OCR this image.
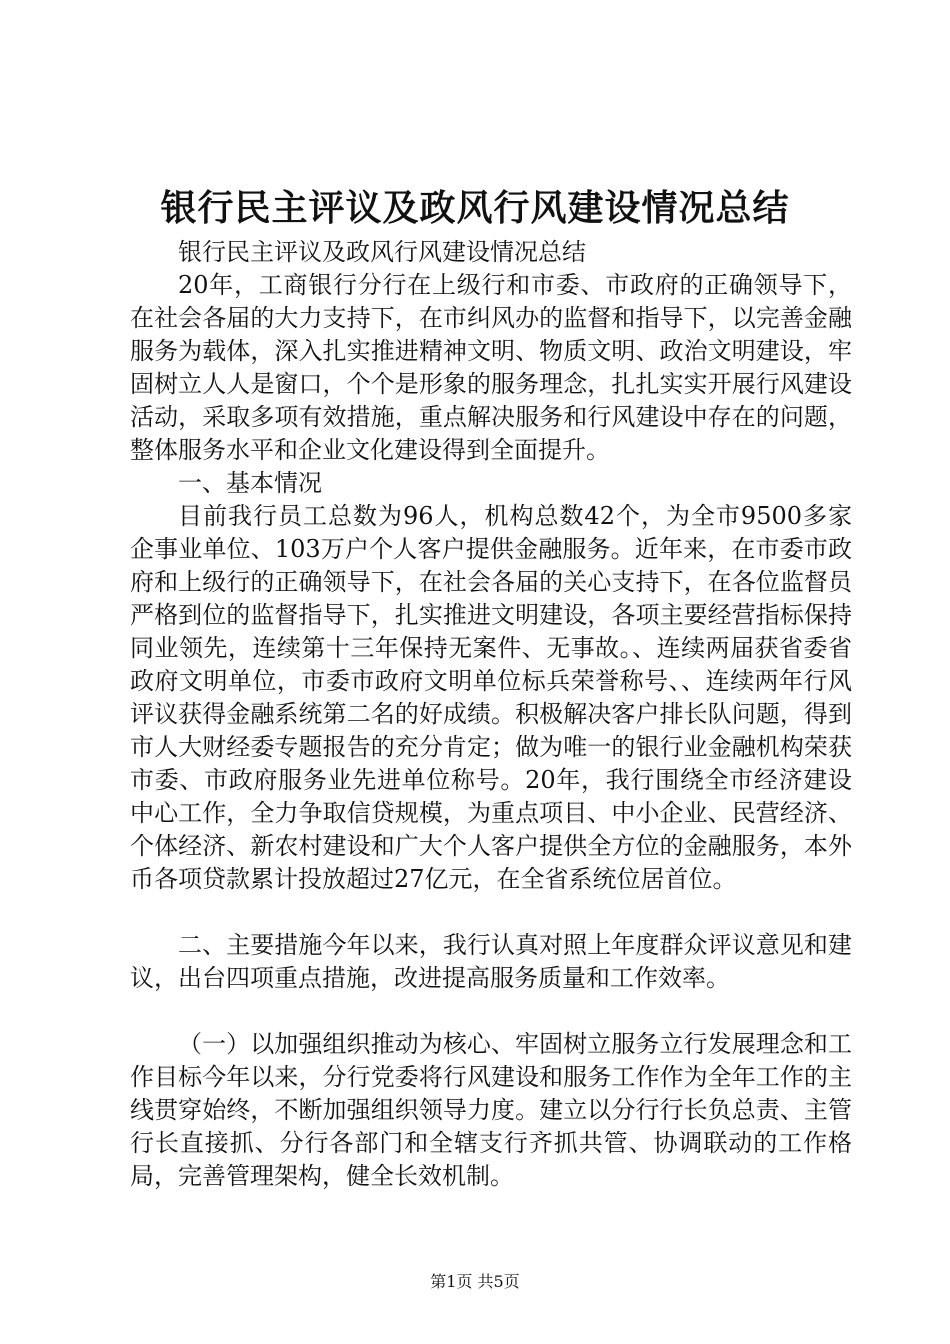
银行民主评议及政风行风建设情况总结

银行民主评议及政风行风建设情况总结

20年，工商银行分行在上级行和市委、市政府的正确领导下，在社会各届的大力支持下，在市纠风办的监督和指导下，以完善金融服务为载体，深入扎实推进精神文明、物质文明、政治文明建设，牢固树立人人是窗口，个个是形象的服务理念，扎扎实实开展行风建设活动，采取多项有效措施，重点解决服务和行风建设中存在的问题，整体服务水平和企业文化建设得到全面提升。

一、基本情况

目前我行员工总数为96人，机构总数42个，为全市9500多家企事业单位、103万户个人客户提供金融服务。近年来，在市委市政府和上级行的正确领导下，在社会各届的关心支持下，在各位监督员严格到位的监督指导下，扎实推进文明建设，各项主要经营指标保持同业领先，连续第十三年保持无案件、无事故。、连续两届获省委省政府文明单位，市委市政府文明单位标兵荣誉称号、、连续两年行风评议获得金融系统第二名的好成绩。积极解决客户排长队问题，得到市人大财经委专题报告的充分肯定；做为唯一的银行业金融机构荣获市委、市政府服务业先进单位称号。20年，我行围绕全市经济建设中心工作，全力争取信贷规模，为重点项目、中小企业、民营经济、个体经济、新农村建设和广大个人客户提供全方位的金融服务，本外币各项贷款累计投放超过27亿元，在全省系统位居首位。

二、主要措施今年以来，我行认真对照上年度群众评议意见和建议，出台四项重点措施，改进提高服务质量和工作效率。

（一）以加强组织推动为核心、牢固树立服务立行发展理念和工作目标今年以来，分行党委将行风建设和服务工作作为全年工作的主线贯穿始终，不断加强组织领导力度。建立以分行行长负总责、主管行长直接抓、分行各部门和全辖支行齐抓共管、协调联动的工作格局，完善管理架构，健全长效机制。

第1页 共5页
